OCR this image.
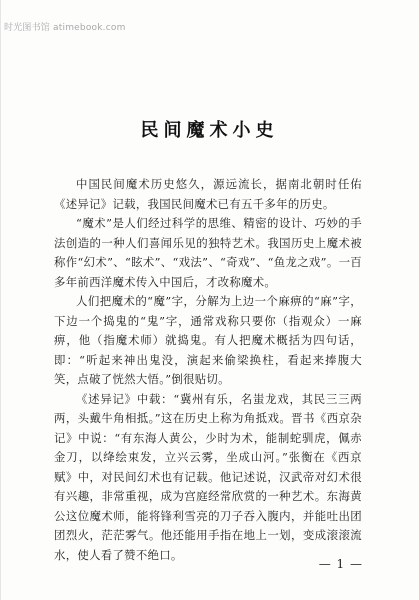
时光图书馆 atimebook.com
民间魔术小史

中国民间魔术历史悠久，源远流长，据南北朝时任佑《述异记》记载，我国民间魔术已有五千多年的历史。

“魔术”是人们经过科学的思维、精密的设计、巧妙的手法创造的一种人们喜闻乐见的独特艺术。我国历史上魔术被称作“幻术”、“眩术”、“戏法”、“奇戏”、“鱼龙之戏”。一百多年前西洋魔术传入中国后，才改称魔术。

人们把魔术的“魔”字，分解为上边一个麻痹的“麻”字，下边一个捣鬼的“鬼”字，通常戏称只要你（指观众）一麻痹，他（指魔术师）就捣鬼。有人把魔术概括为四句话，即：“听起来神出鬼没，演起来偷梁换柱，看起来捧腹大笑，点破了恍然大悟。”倒很贴切。

《述异记》中载：“冀州有乐，名蚩龙戏，其民三三两两，头戴牛角相抵。”这在历史上称为角抵戏。晋书《西京杂记》中说：“有东海人黄公，少时为术，能制蛇驯虎，佩赤金刀，以绛绘束发，立兴云雾，坐成山河。”张衡在《西京赋》中，对民间幻术也有记载。他记述说，汉武帝对幻术很有兴趣，非常重视，成为宫庭经常欣赏的一种艺术。东海黄公这位魔术师，能将锋利雪亮的刀子吞入腹内，并能吐出团团烈火，茫茫雾气。他还能用手指在地上一划，变成滚滚流水，使人看了赞不绝口。

— 1 —
